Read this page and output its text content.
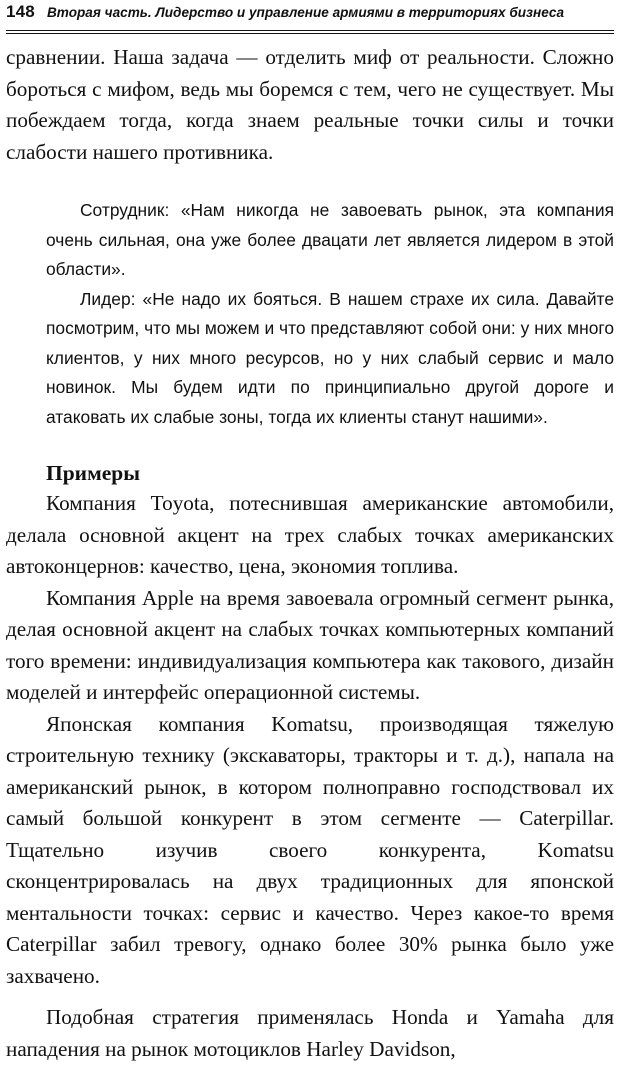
148 Вторая часть. Лидерство и управление армиями в территориях бизнеса

сравнении. Наша задача — отделить миф от реальности. Сложно бороться с мифом, ведь мы боремся с тем, чего не существует. Мы побеждаем тогда, когда знаем реальные точки силы и точки слабости нашего противника.

Сотрудник: «Нам никогда не завоевать рынок, эта компания очень сильная, она уже более двацати лет является лидером в этой области».

Лидер: «Не надо их бояться. В нашем страхе их сила. Давайте посмотрим, что мы можем и что представляют собой они: у них много клиентов, у них много ресурсов, но у них слабый сервис и мало новинок. Мы будем идти по принципиально другой дороге и атаковать их слабые зоны, тогда их клиенты станут нашими».

Примеры

Компания Toyota, потеснившая американские автомобили, делала основной акцент на трех слабых точках американских автоконцернов: качество, цена, экономия топлива.

Компания Apple на время завоевала огромный сегмент рынка, делая основной акцент на слабых точках компьютерных компаний того времени: индивидуализация компьютера как такового, дизайн моделей и интерфейс операционной системы.

Японская компания Komatsu, производящая тяжелую строительную технику (экскаваторы, тракторы и т. д.), напала на американский рынок, в котором полноправно господствовал их самый большой конкурент в этом сегменте — Caterpillar. Тщательно изучив своего конкурента, Komatsu сконцентрировалась на двух традиционных для японской ментальности точках: сервис и качество. Через какое-то время Caterpillar забил тревогу, однако более 30% рынка было уже захвачено.

Подобная стратегия применялась Honda и Yamaha для нападения на рынок мотоциклов Harley Davidson,
